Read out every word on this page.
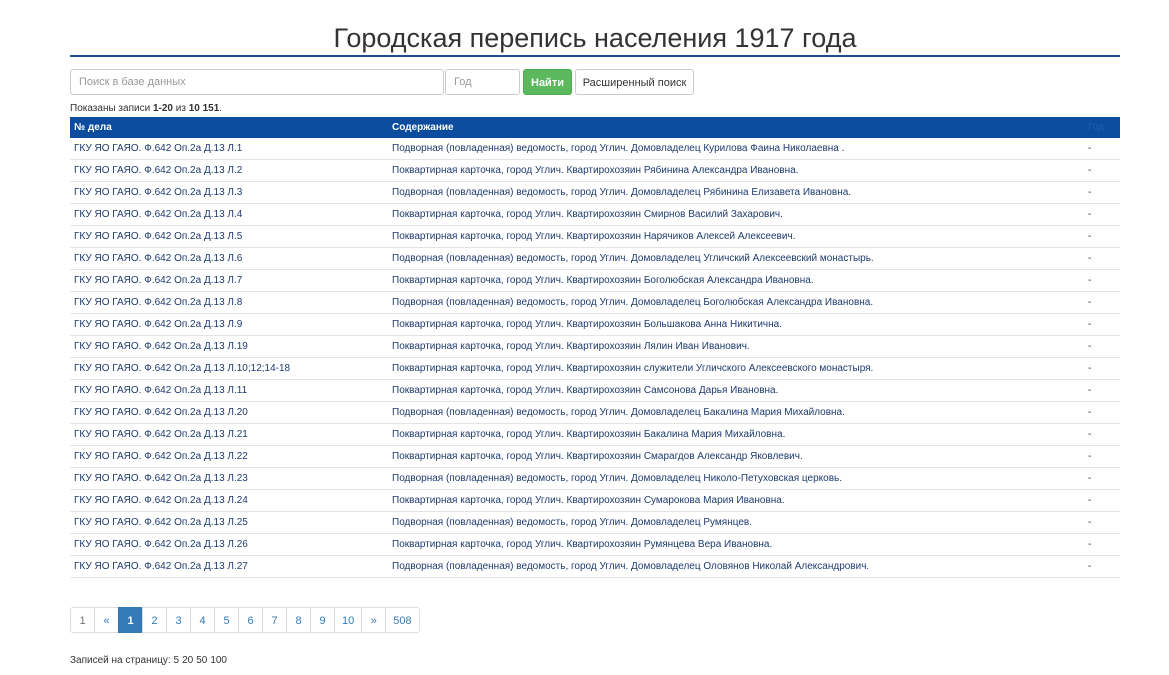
Городская перепись населения 1917 года
Поиск в базе данных	Год	Найти	Расширенный поиск
Показаны записи 1-20 из 10 151.
№ дела	Содержание	Год
ГКУ ЯО ГАЯО. Ф.642 Оп.2а Д.13 Л.1	Подворная (повладенная) ведомость, город Углич. Домовладелец Курилова Фаина Николаевна .	-
ГКУ ЯО ГАЯО. Ф.642 Оп.2а Д.13 Л.2	Поквартирная карточка, город Углич. Квартирохозяин Рябинина Александра Ивановна.	-
ГКУ ЯО ГАЯО. Ф.642 Оп.2а Д.13 Л.3	Подворная (повладенная) ведомость, город Углич. Домовладелец Рябинина Елизавета Ивановна.	-
ГКУ ЯО ГАЯО. Ф.642 Оп.2а Д.13 Л.4	Поквартирная карточка, город Углич. Квартирохозяин Смирнов Василий Захарович.	-
ГКУ ЯО ГАЯО. Ф.642 Оп.2а Д.13 Л.5	Поквартирная карточка, город Углич. Квартирохозяин Нарячиков Алексей Алексеевич.	-
ГКУ ЯО ГАЯО. Ф.642 Оп.2а Д.13 Л.6	Подворная (повладенная) ведомость, город Углич. Домовладелец Угличский Алексеевский монастырь.	-
ГКУ ЯО ГАЯО. Ф.642 Оп.2а Д.13 Л.7	Поквартирная карточка, город Углич. Квартирохозяин Боголюбская Александра Ивановна.	-
ГКУ ЯО ГАЯО. Ф.642 Оп.2а Д.13 Л.8	Подворная (повладенная) ведомость, город Углич. Домовладелец Боголюбская Александра Ивановна.	-
ГКУ ЯО ГАЯО. Ф.642 Оп.2а Д.13 Л.9	Поквартирная карточка, город Углич. Квартирохозяин Большакова Анна Никитична.	-
ГКУ ЯО ГАЯО. Ф.642 Оп.2а Д.13 Л.19	Поквартирная карточка, город Углич. Квартирохозяин Лялин Иван Иванович.	-
ГКУ ЯО ГАЯО. Ф.642 Оп.2а Д.13 Л.10;12;14-18	Поквартирная карточка, город Углич. Квартирохозяин служители Угличского Алексеевского монастыря.	-
ГКУ ЯО ГАЯО. Ф.642 Оп.2а Д.13 Л.11	Поквартирная карточка, город Углич. Квартирохозяин Самсонова Дарья Ивановна.	-
ГКУ ЯО ГАЯО. Ф.642 Оп.2а Д.13 Л.20	Подворная (повладенная) ведомость, город Углич. Домовладелец Бакалина Мария Михайловна.	-
ГКУ ЯО ГАЯО. Ф.642 Оп.2а Д.13 Л.21	Поквартирная карточка, город Углич. Квартирохозяин Бакалина Мария Михайловна.	-
ГКУ ЯО ГАЯО. Ф.642 Оп.2а Д.13 Л.22	Поквартирная карточка, город Углич. Квартирохозяин Смарагдов Александр Яковлевич.	-
ГКУ ЯО ГАЯО. Ф.642 Оп.2а Д.13 Л.23	Подворная (повладенная) ведомость, город Углич. Домовладелец Николо-Петуховская церковь.	-
ГКУ ЯО ГАЯО. Ф.642 Оп.2а Д.13 Л.24	Поквартирная карточка, город Углич. Квартирохозяин Сумарокова Мария Ивановна.	-
ГКУ ЯО ГАЯО. Ф.642 Оп.2а Д.13 Л.25	Подворная (повладенная) ведомость, город Углич. Домовладелец Румянцев.	-
ГКУ ЯО ГАЯО. Ф.642 Оп.2а Д.13 Л.26	Поквартирная карточка, город Углич. Квартирохозяин Румянцева Вера Ивановна.	-
ГКУ ЯО ГАЯО. Ф.642 Оп.2а Д.13 Л.27	Подворная (повладенная) ведомость, город Углич. Домовладелец Оловянов Николай Александрович.	-
1	«	1	2	3	4	5	6	7	8	9	10	»	508
Записей на страницу: 5 20 50 100
